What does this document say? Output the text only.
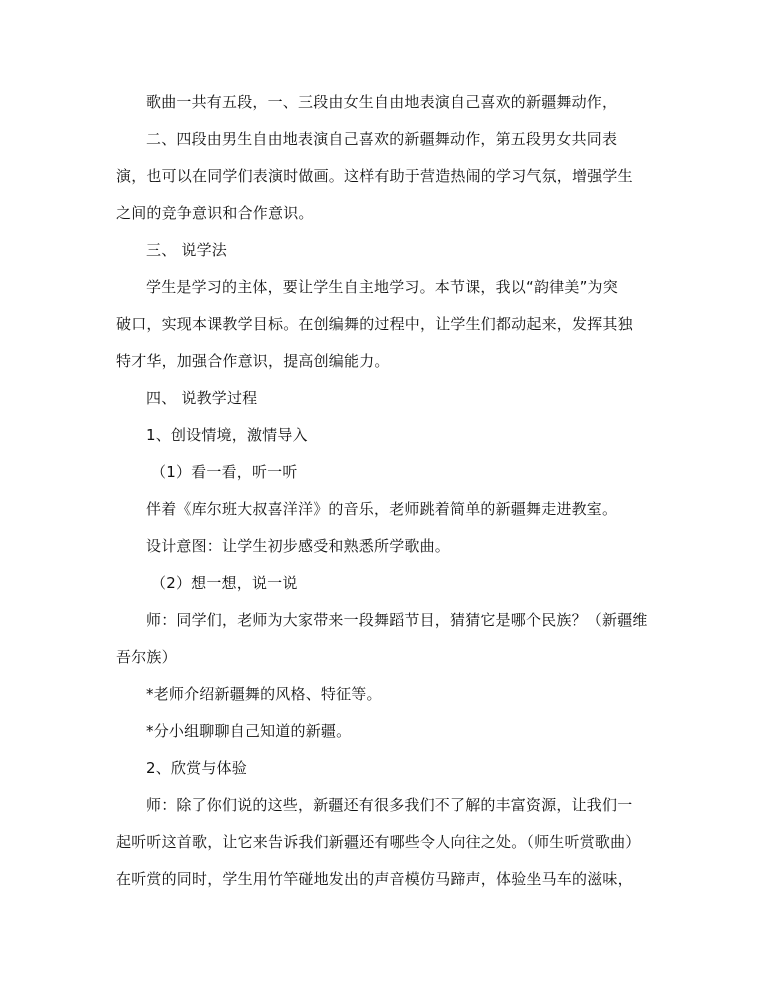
歌曲一共有五段，一、三段由女生自由地表演自己喜欢的新疆舞动作，
二、四段由男生自由地表演自己喜欢的新疆舞动作，第五段男女共同表
演，也可以在同学们表演时做画。这样有助于营造热闹的学习气氛，增强学生
之间的竞争意识和合作意识。
三、 说学法
学生是学习的主体，要让学生自主地学习。本节课，我以“韵律美”为突
破口，实现本课教学目标。在创编舞的过程中，让学生们都动起来，发挥其独
特才华，加强合作意识，提高创编能力。
四、 说教学过程
1、创设情境，激情导入
（1）看一看，听一听
伴着《库尔班大叔喜洋洋》的音乐，老师跳着简单的新疆舞走进教室。
设计意图：让学生初步感受和熟悉所学歌曲。
（2）想一想，说一说
师：同学们，老师为大家带来一段舞蹈节目，猜猜它是哪个民族？（新疆维
吾尔族）
*老师介绍新疆舞的风格、特征等。
*分小组聊聊自己知道的新疆。
2、欣赏与体验
师：除了你们说的这些，新疆还有很多我们不了解的丰富资源，让我们一
起听听这首歌，让它来告诉我们新疆还有哪些令人向往之处。（师生听赏歌曲）
在听赏的同时，学生用竹竿碰地发出的声音模仿马蹄声，体验坐马车的滋味，
